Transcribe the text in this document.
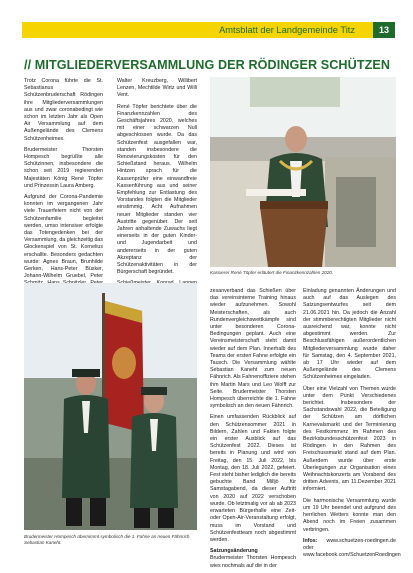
Amtsblatt der Landgemeinde Titz	13
// MITGLIEDERVERSAMMLUNG DER RÖDINGER SCHÜTZEN

Trotz Corona führte die St. Sebastianus Schützenbruderschaft Rödingen ihre Mitgliederversammlungen aus und zwar coronabedingt wie schon im letzten Jahr als Open Air Versammlung auf dem Außengelände des Clemens Schützenheimes.

Brudermeister Thorsten Hompesch begrüßte alle Schützinnen, insbesondere die schon seit 2019 regierenden Majestäten König René Töpfer und Prinzessin Laura Amberg.

Aufgrund der Corona-Pandemie konnten im vergangenen Jahr viele Trauerfeiern nicht von der Schützenfamilie begleitet werden, umso intensiver erfolgte das Totengedenken bei der Versammlung, da gleichzeitig das Glockenspiel von St. Kornelius erschallte. Besonders gedachten wurde: Agnes Braun, Brunhilde Gerken, Hans-Peter Büsker, Johann-Wilhelm Gruebel, Peter

Walter Kreuzberg, Willibert Lenzen, Mechtilde Wirtz und Willi Vent.

René Töpfer berichtete über die Finanzkennzahlen des Geschäftsjahres 2020, welches mit einer schwarzen Null abgeschlossen wurde. Da das Schützenfest ausgefallen war, standen insbesondere die Renovierungskosten für den Schießstand heraus. Wilhelm Hintzen sprach für die Kassenprüfer eine einwandfreie Kassenführung aus und seiner Empfehlung zur Entlastung des Vorstandes folgten die Mitglieder einstimmig. Acht Aufnahmen neuer Mitglieder standen vier Austritte gegenüber. Der seit Jahren anhaltende Zuwachs liegt einerseits in der guten Kinder- und Jugendarbeit und andererseits in der guten Akzeptanz der Schützenaktivitäten in der Bürgerschaft begründet.	Kassierer René Töpfer erläutert die Finanzkennzahlen 2020.
Brudermeister Hompesch übernimmt symbolisch die 1. Fahne an neuen Fähnrich Sebastian Kaneht.

zesanverband das Schießen über das vereinsinterne Training hinaus wieder aufzunehmen. Sowohl Meisterschaften, als auch Rundenvergleichswettkämpfe sind unter besonderen Corona-Bedingungen geplant. Auch eine Vereinsmeisterschaft steht damit wieder auf dem Plan. Innerhalb des Teams der ersten Fahne erfolgte ein Tausch. Die Versammlung wählte Sebastian Kaneht zum neuen Fähnrich. Als Fahnenoffiziere stehen ihm Martin Mars und Leo Wolff zur Seite. Brudermeister Thorsten Hompesch überreichte die 1. Fahne symbolisch an den neuen Fähnrich.

Einen umfassenden Rückblick auf den Schützensommer 2021 in Bildern, Zahlen und Fakten folgte ein erster Ausblick auf das Schützenfest 2022. Dieses ist bereits in Planung und wird von Freitag, den 15. Juli 2022, bis Montag, den 18. Juli 2022, gefeiert. Fest steht bisher lediglich die bereits gebuchte Band Milljö für Samstagabend, da dieser Auftritt von 2020 auf 2022 verschoben wurde. Ob letztmalig vor ab ab 2023 erwarteten Bürgerhalle eine Zeit- oder Open-Air-Veranstaltung erfolgt, muss im Vorstand und Schützenfestteam noch abgestimmt werden.

Satzungsänderung

Brudermeister Thorsten Hompesch wies nochmals auf die in der

Einladung genannten Änderungen und auch auf das Auslegen des Satzungsentwurfes seit dem 21.06.2021 hin. Da jedoch die Anzahl der stimmberechtigten Mitglieder nicht ausreichend war, konnte nicht abgestimmt werden. Zur Beschlussfähigen außerordentlichen Mitgliederversammlung wurde daher für Samstag, den 4. September 2021, ab 17 Uhr wieder auf dem Außengelände des Clemens Schützenheimes eingeladen.

Über eine Vielzahl von Themen wurde unter dem Punkt Verschiedenes berichtet. Insbesondere der Sachstandswahl 2022, die Beteiligung der Schützen am dörflichen Karnevalsmarkt und der Terminierung des Festkommerz im Rahmen des Bezirksbundesschützenfest 2023 in Rödingen in den Rahmen des Freischussmarkt stand auf dem Plan. Außerdem wurde über erste Überlegungen zur Organisation eines Weihnachtskonzerts am Vorabend des dritten Advents, am 11.Dezember 2021 informiert.

Die harmonische Versammlung wurde um 19 Uhr beendet und aufgrund des herrlichen Wetters konnte man den Abend noch im Freien zusammen verbringen.

Infos: www.schuetzen-roedingen.de oder www.facebook.com/SchuetzenRoedingen
